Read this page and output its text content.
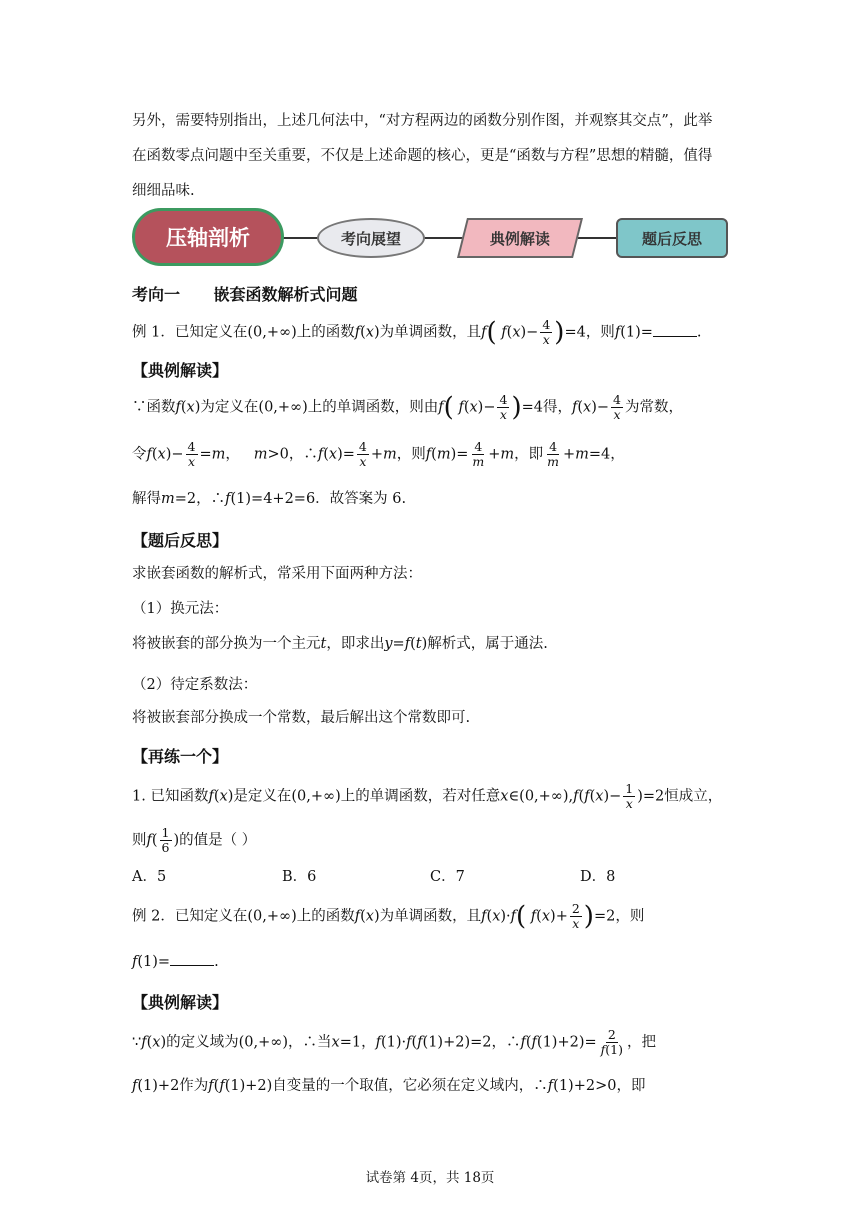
另外，需要特别指出，上述几何法中，“对方程两边的函数分别作图，并观察其交点”，此举
在函数零点问题中至关重要，不仅是上述命题的核心，更是“函数与方程”思想的精髓，值得
细细品味.
压轴剖析	考向展望	典例解读	题后反思
考向一 嵌套函数解析式问题
例 1．已知定义在(0,+∞)上的函数f(x)为单调函数，且f( $f(x)- \frac{4}{x} )=4$，则f(1)=	.
【典例解读】
∵函数f(x)为定义在(0,+∞)上的单调函数，则由f( $f(x)- \frac{4}{x} )=4$得，$f(x)- \frac{4}{x}$ 为常数，
令$f(x)- \frac{4}{x} =m$，   m>0，∴f(x)= $\frac{4}{x} +m$，则$f(m)= \frac{4}{m} +m$，即 $\frac{4}{m} +m=4$，
解得m=2，∴f(1)=4+2=6．故答案为 6.
【题后反思】
求嵌套函数的解析式，常采用下面两种方法：
（1）换元法：
将被嵌套的部分换为一个主元t，即求出y=f(t)解析式，属于通法.
（2）待定系数法：
将被嵌套部分换成一个常数，最后解出这个常数即可.
【再练一个】
1. 已知函数f(x)是定义在(0,+∞)上的单调函数，若对任意x∈(0,+∞),f(f(x)− $\frac{1}{x} )=2$恒成立，
则$f( \frac{1}{6}$ )的值是（ ）
A．5	B．6	C．7	D．8
例 2．已知定义在(0,+∞)上的函数f(x)为单调函数，且f(x)·f( $f(x)+ \frac{2}{x} )=2$，则
f(1)=	.
【典例解读】
∵f(x)的定义域为(0,+∞)，∴当x=1，f(1)·f(f(1)+2)=2，∴f(f(1)+2)= $\frac{2}{f(1)}$ ，把
f(1)+2作为f(f(1)+2)自变量的一个取值，它必须在定义域内，∴f(1)+2>0，即
试卷第 4页，共 18页
